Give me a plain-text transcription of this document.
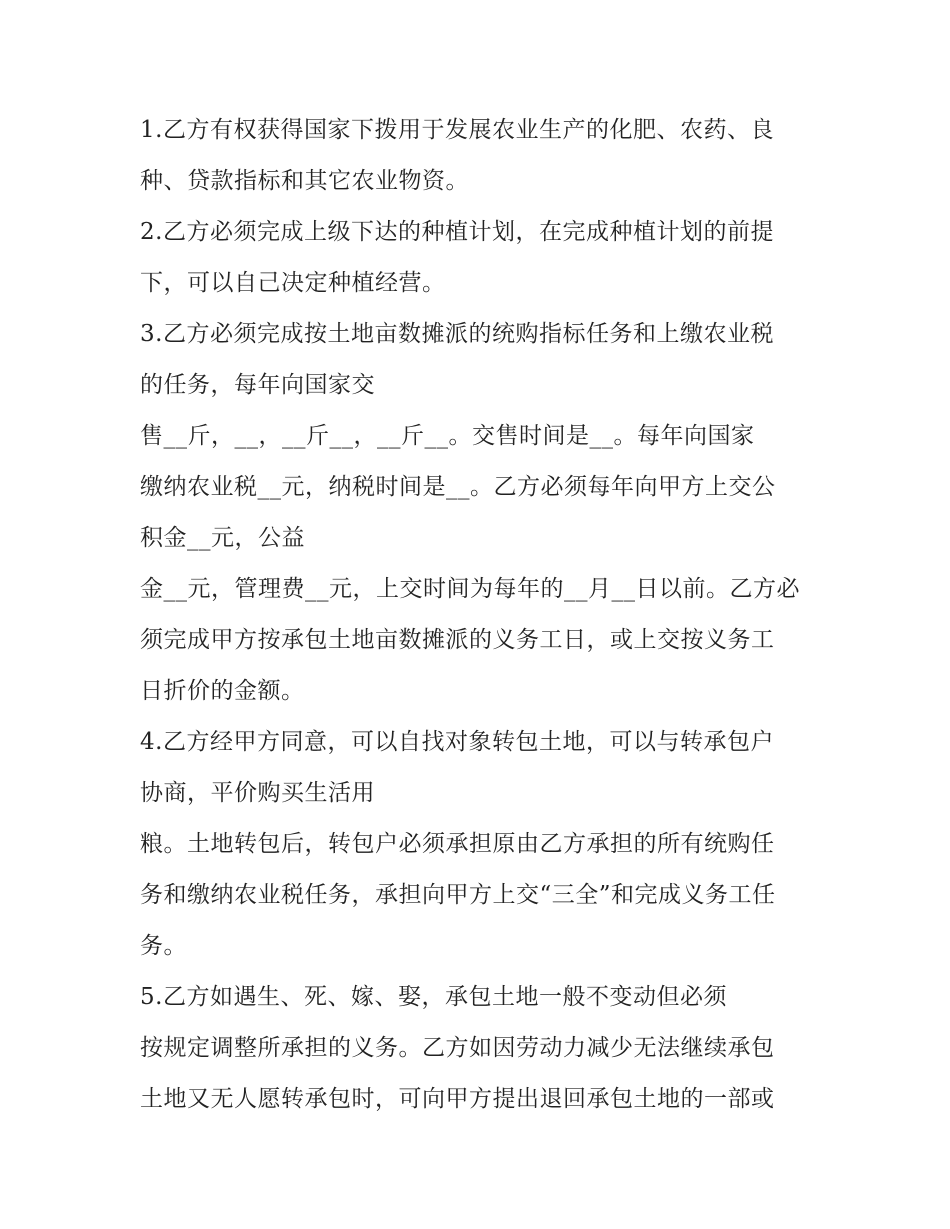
1.乙方有权获得国家下拨用于发展农业生产的化肥、农药、良
种、贷款指标和其它农业物资。
2.乙方必须完成上级下达的种植计划，在完成种植计划的前提
下，可以自己决定种植经营。
3.乙方必须完成按土地亩数摊派的统购指标任务和上缴农业税
的任务，每年向国家交
售__斤，__，__斤__，__斤__。交售时间是__。每年向国家
缴纳农业税__元，纳税时间是__。乙方必须每年向甲方上交公
积金__元，公益
金__元，管理费__元，上交时间为每年的__月__日以前。乙方必
须完成甲方按承包土地亩数摊派的义务工日，或上交按义务工
日折价的金额。
4.乙方经甲方同意，可以自找对象转包土地，可以与转承包户
协商，平价购买生活用
粮。土地转包后，转包户必须承担原由乙方承担的所有统购任
务和缴纳农业税任务，承担向甲方上交“三全”和完成义务工任
务。
5.乙方如遇生、死、嫁、娶，承包土地一般不变动但必须
按规定调整所承担的义务。乙方如因劳动力减少无法继续承包
土地又无人愿转承包时，可向甲方提出退回承包土地的一部或
